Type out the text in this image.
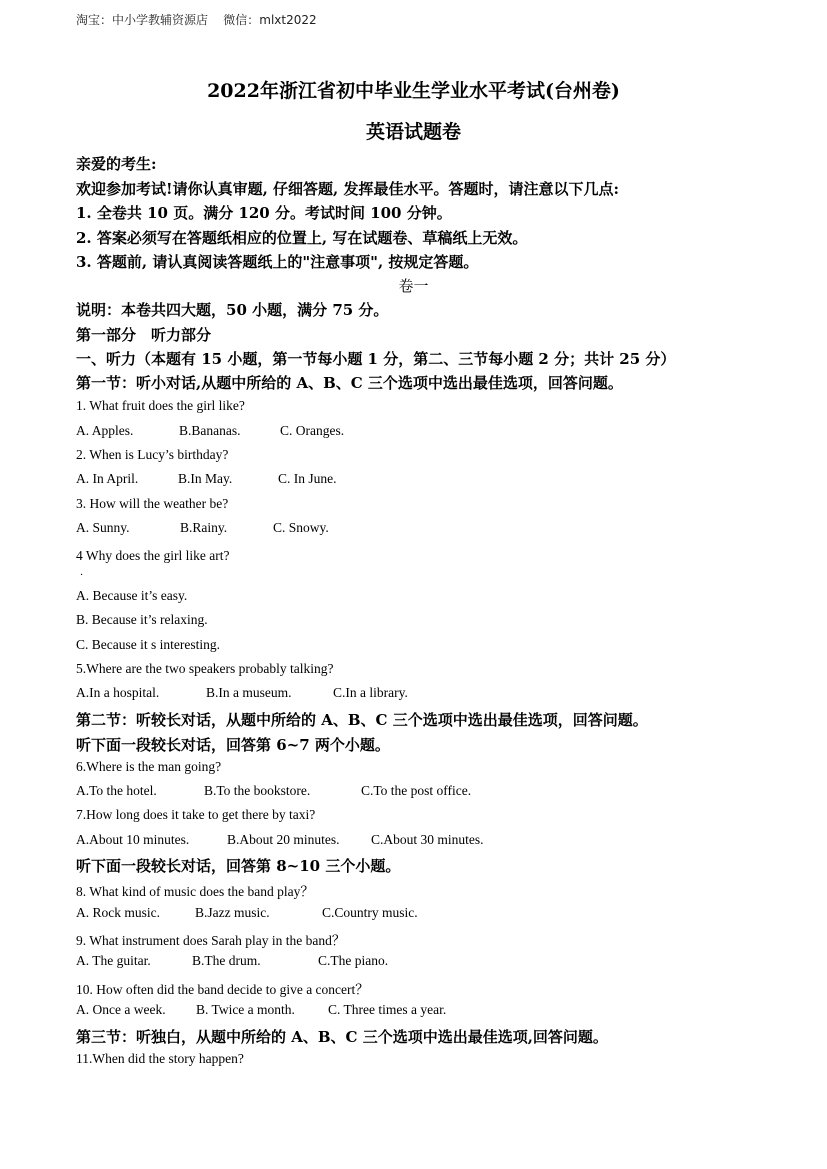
淘宝：中小学教辅资源店    微信：mlxt2022
2022年浙江省初中毕业生学业水平考试(台州卷)
英语试题卷
亲爱的考生:
欢迎参加考试!请你认真审题, 仔细答题, 发挥最佳水平。答题时，请注意以下几点:
1. 全卷共 10 页。满分 120 分。考试时间 100 分钟。
2. 答案必须写在答题纸相应的位置上, 写在试题卷、草稿纸上无效。
3. 答题前, 请认真阅读答题纸上的"注意事项", 按规定答题。
卷一
说明：本卷共四大题，50 小题，满分 75 分。
第一部分　听力部分
一、听力（本题有 15 小题，第一节每小题 1 分，第二、三节每小题 2 分；共计 25 分）
第一节：听小对话,从题中所给的 A、B、C 三个选项中选出最佳选项，回答问题。
1. What fruit does the girl like?
A. Apples.	B.Bananas.	C. Oranges.
2. When is Lucy’s birthday?
A. In April.	B.In May.	C. In June.
3. How will the weather be?
A. Sunny.	B.Rainy.	C. Snowy.
4 Why does the girl like art?
．
A. Because it’s easy.
B. Because it’s relaxing.
C. Because it s interesting.
5.Where are the two speakers probably talking?
A.In a hospital.	B.In a museum.	C.In a library.
第二节：听较长对话，从题中所给的 A、B、C 三个选项中选出最佳选项，回答问题。
听下面一段较长对话，回答第 6~7 两个小题。
6.Where is the man going?
A.To the hotel.	B.To the bookstore.	C.To the post office.
7.How long does it take to get there by taxi?
A.About 10 minutes.	B.About 20 minutes. C.About 30 minutes.
听下面一段较长对话，回答第 8~10 三个小题。
8. What kind of music does the band play？
A. Rock music.	B.Jazz music.	C.Country music.
9. What instrument does Sarah play in the band？
A. The guitar.	B.The drum.	C.The piano.
10. How often did the band decide to give a concert？
A. Once a week. B. Twice a month. C. Three times a year.
第三节：听独白，从题中所给的 A、B、C 三个选项中选出最佳选项,回答问题。
11.When did the story happen?
